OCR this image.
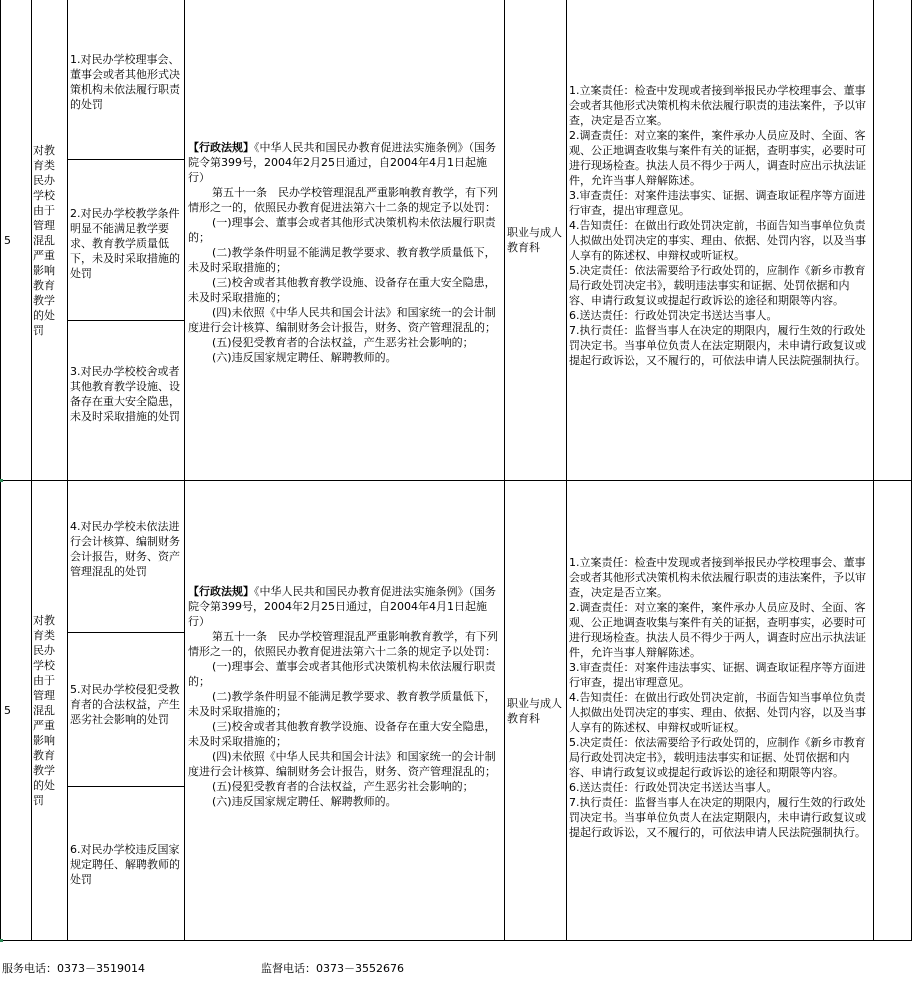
5
对教育类民办学校由于管理混乱严重影响教育教学的处罚
1.对民办学校理事会、董事会或者其他形式决策机构未依法履行职责的处罚
2.对民办学校教学条件明显不能满足教学要求、教育教学质量低下，未及时采取措施的处罚
3.对民办学校校舍或者其他教育教学设施、设备存在重大安全隐患，未及时采取措施的处罚

【行政法规】《中华人民共和国民办教育促进法实施条例》（国务院令第399号，2004年2月25日通过，自2004年4月1日起施行）

第五十一条　民办学校管理混乱严重影响教育教学，有下列情形之一的，依照民办教育促进法第六十二条的规定予以处罚：

(一)理事会、董事会或者其他形式决策机构未依法履行职责的；

(二)教学条件明显不能满足教学要求、教育教学质量低下，未及时采取措施的；

(三)校舍或者其他教育教学设施、设备存在重大安全隐患，未及时采取措施的；

(四)未依照《中华人民共和国会计法》和国家统一的会计制度进行会计核算、编制财务会计报告，财务、资产管理混乱的；

(五)侵犯受教育者的合法权益，产生恶劣社会影响的；

(六)违反国家规定聘任、解聘教师的。

职业与成人教育科
1.立案责任：检查中发现或者接到举报民办学校理事会、董事会或者其他形式决策机构未依法履行职责的违法案件，予以审查，决定是否立案。
2.调查责任：对立案的案件，案件承办人员应及时、全面、客观、公正地调查收集与案件有关的证据，查明事实，必要时可进行现场检查。执法人员不得少于两人，调查时应出示执法证件，允许当事人辩解陈述。
3.审查责任：对案件违法事实、证据、调查取证程序等方面进行审查，提出审理意见。
4.告知责任：在做出行政处罚决定前，书面告知当事单位负责人拟做出处罚决定的事实、理由、依据、处罚内容，以及当事人享有的陈述权、申辩权或听证权。
5.决定责任：依法需要给予行政处罚的，应制作《新乡市教育局行政处罚决定书》，载明违法事实和证据、处罚依据和内容、申请行政复议或提起行政诉讼的途径和期限等内容。
6.送达责任：行政处罚决定书送达当事人。
7.执行责任：监督当事人在决定的期限内，履行生效的行政处罚决定书。当事单位负责人在法定期限内，未申请行政复议或提起行政诉讼，又不履行的，可依法申请人民法院强制执行。
5
对教育类民办学校由于管理混乱严重影响教育教学的处罚
4.对民办学校未依法进行会计核算、编制财务会计报告，财务、资产管理混乱的处罚
5.对民办学校侵犯受教育者的合法权益，产生恶劣社会影响的处罚
6.对民办学校违反国家规定聘任、解聘教师的处罚

【行政法规】《中华人民共和国民办教育促进法实施条例》（国务院令第399号，2004年2月25日通过，自2004年4月1日起施行）

第五十一条　民办学校管理混乱严重影响教育教学，有下列情形之一的，依照民办教育促进法第六十二条的规定予以处罚：

(一)理事会、董事会或者其他形式决策机构未依法履行职责的；

(二)教学条件明显不能满足教学要求、教育教学质量低下，未及时采取措施的；

(三)校舍或者其他教育教学设施、设备存在重大安全隐患，未及时采取措施的；

(四)未依照《中华人民共和国会计法》和国家统一的会计制度进行会计核算、编制财务会计报告，财务、资产管理混乱的；

(五)侵犯受教育者的合法权益，产生恶劣社会影响的；

(六)违反国家规定聘任、解聘教师的。

职业与成人教育科
1.立案责任：检查中发现或者接到举报民办学校理事会、董事会或者其他形式决策机构未依法履行职责的违法案件，予以审查，决定是否立案。
2.调查责任：对立案的案件，案件承办人员应及时、全面、客观、公正地调查收集与案件有关的证据，查明事实，必要时可进行现场检查。执法人员不得少于两人，调查时应出示执法证件，允许当事人辩解陈述。
3.审查责任：对案件违法事实、证据、调查取证程序等方面进行审查，提出审理意见。
4.告知责任：在做出行政处罚决定前，书面告知当事单位负责人拟做出处罚决定的事实、理由、依据、处罚内容，以及当事人享有的陈述权、申辩权或听证权。
5.决定责任：依法需要给予行政处罚的，应制作《新乡市教育局行政处罚决定书》，载明违法事实和证据、处罚依据和内容、申请行政复议或提起行政诉讼的途径和期限等内容。
6.送达责任：行政处罚决定书送达当事人。
7.执行责任：监督当事人在决定的期限内，履行生效的行政处罚决定书。当事单位负责人在法定期限内，未申请行政复议或提起行政诉讼，又不履行的，可依法申请人民法院强制执行。
服务电话：0373－3519014	监督电话：0373－3552676
